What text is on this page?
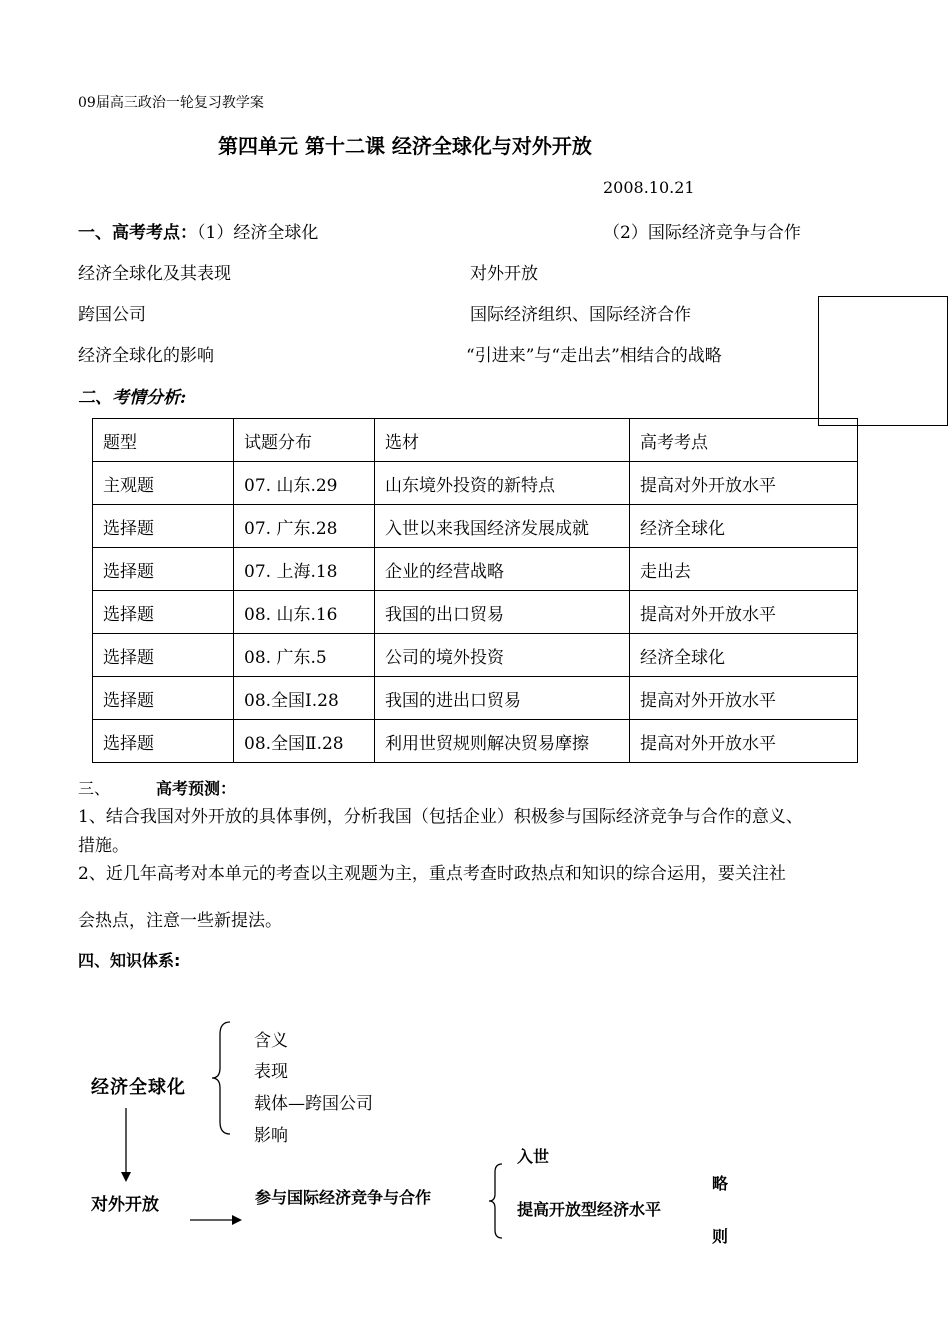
09届高三政治一轮复习教学案
第四单元 第十二课 经济全球化与对外开放
2008.10.21
一、高考考点：（1）经济全球化	（2）国际经济竞争与合作
经济全球化及其表现	对外开放
跨国公司	国际经济组织、国际经济合作
经济全球化的影响	“引进来”与“走出去”相结合的战略
二、考情分析:
题型	试题分布	选材	高考考点
主观题	07. 山东.29	山东境外投资的新特点	提高对外开放水平
选择题	07. 广东.28	入世以来我国经济发展成就	经济全球化
选择题	07. 上海.18	企业的经营战略	走出去
选择题	08. 山东.16	我国的出口贸易	提高对外开放水平
选择题	08. 广东.5	公司的境外投资	经济全球化
选择题	08.全国Ⅰ.28	我国的进出口贸易	提高对外开放水平
选择题	08.全国Ⅱ.28	利用世贸规则解决贸易摩擦	提高对外开放水平
三、	高考预测：
1、结合我国对外开放的具体事例，分析我国（包括企业）积极参与国际经济竞争与合作的意义、
措施。
2、近几年高考对本单元的考查以主观题为主，重点考查时政热点和知识的综合运用，要关注社
会热点，注意一些新提法。
四、知识体系:
经济全球化
含义
表现
载体—跨国公司
影响
对外开放	参与国际经济竞争与合作
入世
提高开放型经济水平
略
则
